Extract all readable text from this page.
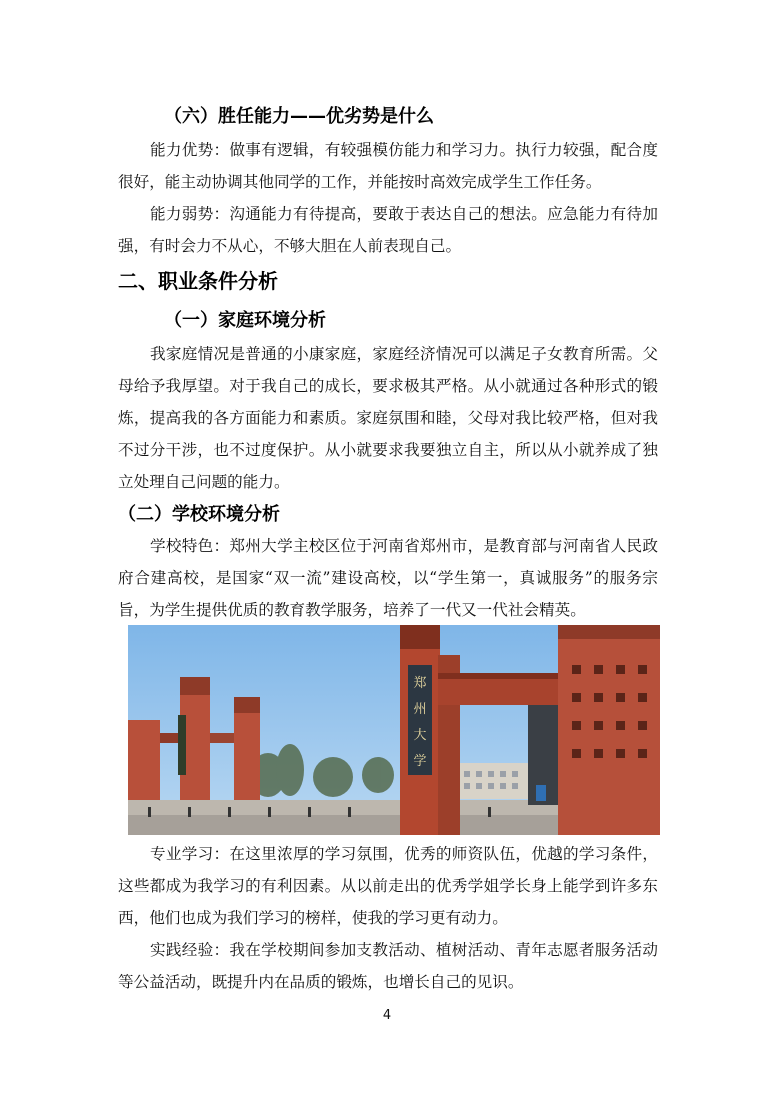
（六）胜任能力——优劣势是什么

能力优势：做事有逻辑，有较强模仿能力和学习力。执行力较强，配合度很好，能主动协调其他同学的工作，并能按时高效完成学生工作任务。

能力弱势：沟通能力有待提高，要敢于表达自己的想法。应急能力有待加强，有时会力不从心，不够大胆在人前表现自己。

二、职业条件分析
（一）家庭环境分析

我家庭情况是普通的小康家庭，家庭经济情况可以满足子女教育所需。父母给予我厚望。对于我自己的成长，要求极其严格。从小就通过各种形式的锻炼，提高我的各方面能力和素质。家庭氛围和睦，父母对我比较严格，但对我不过分干涉，也不过度保护。从小就要求我要独立自主，所以从小就养成了独立处理自己问题的能力。

（二）学校环境分析

学校特色：郑州大学主校区位于河南省郑州市，是教育部与河南省人民政府合建高校，是国家“双一流”建设高校，以“学生第一，真诚服务”的服务宗旨，为学生提供优质的教育教学服务，培养了一代又一代社会精英。

郑
州
大
学

专业学习：在这里浓厚的学习氛围，优秀的师资队伍，优越的学习条件，这些都成为我学习的有利因素。从以前走出的优秀学姐学长身上能学到许多东西，他们也成为我们学习的榜样，使我的学习更有动力。

实践经验：我在学校期间参加支教活动、植树活动、青年志愿者服务活动等公益活动，既提升内在品质的锻炼，也增长自己的见识。

4
